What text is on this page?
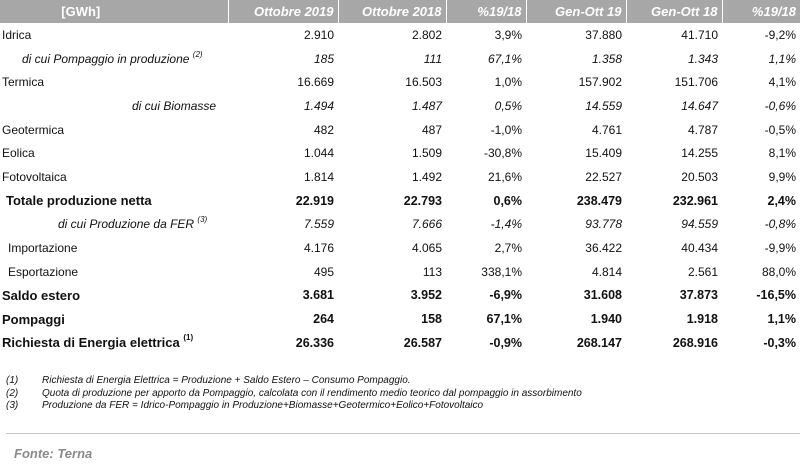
[GWh]	Ottobre 2019	Ottobre 2018	%19/18	Gen-Ott 19	Gen-Ott 18	%19/18
Idrica	2.910	2.802	3,9%	37.880	41.710	-9,2%
di cui Pompaggio in produzione $^{(2)}$	185	111	67,1%	1.358	1.343	1,1%
Termica	16.669	16.503	1,0%	157.902	151.706	4,1%
di cui Biomasse	1.494	1.487	0,5%	14.559	14.647	-0,6%
Geotermica	482	487	-1,0%	4.761	4.787	-0,5%
Eolica	1.044	1.509	-30,8%	15.409	14.255	8,1%
Fotovoltaica	1.814	1.492	21,6%	22.527	20.503	9,9%
Totale produzione netta	22.919	22.793	0,6%	238.479	232.961	2,4%
di cui Produzione da FER $^{(3)}$	7.559	7.666	-1,4%	93.778	94.559	-0,8%
Importazione	4.176	4.065	2,7%	36.422	40.434	-9,9%
Esportazione	495	113	338,1%	4.814	2.561	88,0%
Saldo estero	3.681	3.952	-6,9%	31.608	37.873	-16,5%
Pompaggi	264	158	67,1%	1.940	1.918	1,1%
Richiesta di Energia elettrica $^{(1)}$	26.336	26.587	-0,9%	268.147	268.916	-0,3%
(1)	Richiesta di Energia Elettrica = Produzione + Saldo Estero – Consumo Pompaggio.
(2)	Quota di produzione per apporto da Pompaggio, calcolata con il rendimento medio teorico dal pompaggio in assorbimento
(3)	Produzione da FER = Idrico-Pompaggio in Produzione+Biomasse+Geotermico+Eolico+Fotovoltaico
Fonte: Terna
